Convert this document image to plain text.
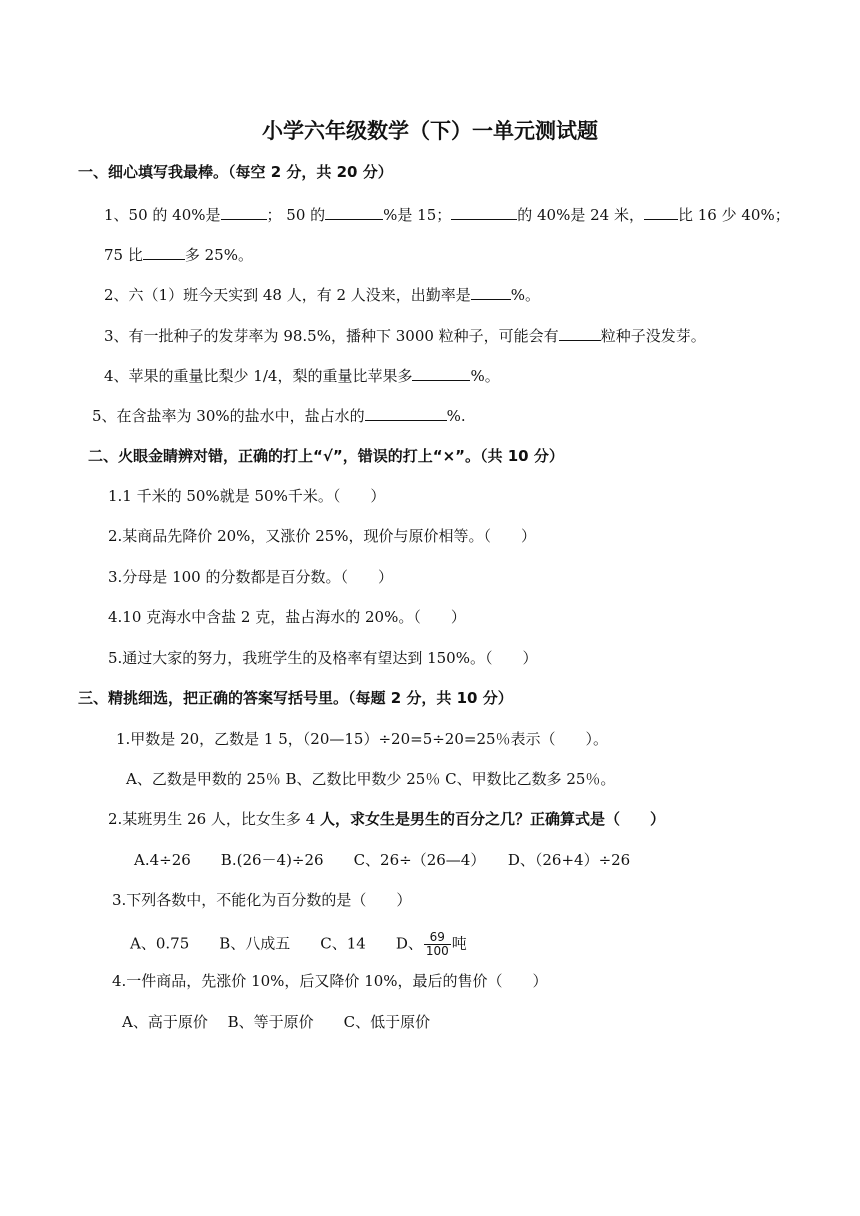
小学六年级数学（下）一单元测试题
一、细心填写我最棒。（每空 2 分，共 20 分）
1、50 的 40%是	； 50 的	%是 15；	的 40%是 24 米， 比 16 少 40%；
75 比	多 25%。
2、六（1）班今天实到 48 人，有 2 人没来，出勤率是	%。
3、有一批种子的发芽率为 98.5%，播种下 3000 粒种子，可能会有	粒种子没发芽。
4、苹果的重量比梨少 1/4，梨的重量比苹果多	%。
5、在含盐率为 30%的盐水中，盐占水的	%.
二、火眼金睛辨对错，正确的打上“√”，错误的打上“×”。（共 10 分）
1.1 千米的 50%就是 50%千米。（　　）
2.某商品先降价 20%，又涨价 25%，现价与原价相等。（　　）
3.分母是 100 的分数都是百分数。（　　）
4.10 克海水中含盐 2 克，盐占海水的 20%。（　　）
5.通过大家的努力，我班学生的及格率有望达到 150%。（　　）
三、精挑细选，把正确的答案写括号里。（每题 2 分，共 10 分）
1.甲数是 20，乙数是 1 5，（20—15）÷20=5÷20=25％表示（　　）。
A、乙数是甲数的 25％ B、乙数比甲数少 25％ C、甲数比乙数多 25％。
2.某班男生 26 人，比女生多 4 人，求女生是男生的百分之几？正确算式是（　　）
A.4÷26　　B.(26－4)÷26　　C、26÷（26—4）　　D、（26+4）÷26
3.下列各数中，不能化为百分数的是（　　）
A、0.75　　B、八成五　　C、14　　D、 $\frac{69}{100}$ 吨
4.一件商品，先涨价 10%，后又降价 10%，最后的售价（　　）
A、高于原价　 B、等于原价　　C、低于原价
